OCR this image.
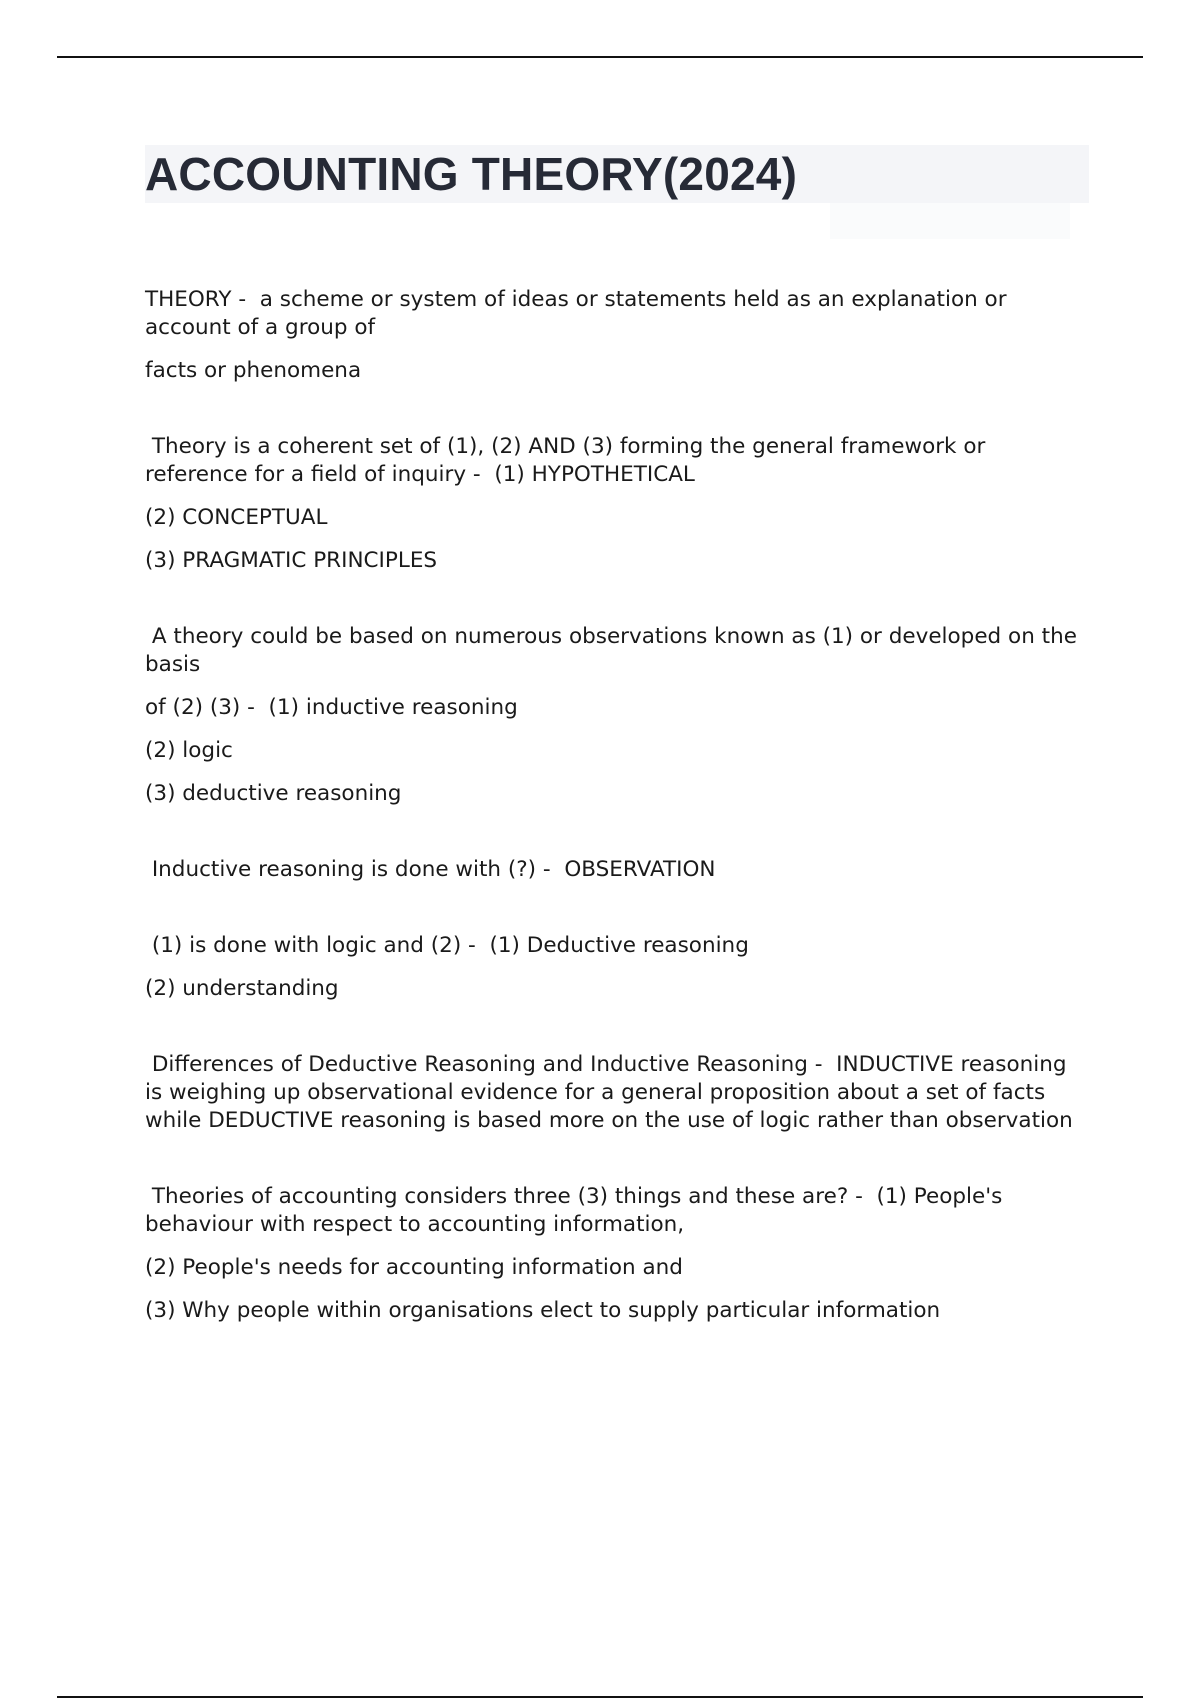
ACCOUNTING THEORY(2024)

THEORY -  a scheme or system of ideas or statements held as an explanation or account of a group of

facts or phenomena

Theory is a coherent set of (1), (2) AND (3) forming the general framework or reference for a field of inquiry -  (1) HYPOTHETICAL

(2) CONCEPTUAL

(3) PRAGMATIC PRINCIPLES

A theory could be based on numerous observations known as (1) or developed on the basis

of (2) (3) -  (1) inductive reasoning

(2) logic

(3) deductive reasoning

Inductive reasoning is done with (?) -  OBSERVATION

(1) is done with logic and (2) -  (1) Deductive reasoning

(2) understanding

Differences of Deductive Reasoning and Inductive Reasoning -  INDUCTIVE reasoning is weighing up observational evidence for a general proposition about a set of facts while DEDUCTIVE reasoning is based more on the use of logic rather than observation

Theories of accounting considers three (3) things and these are? -  (1) People's behaviour with respect to accounting information,

(2) People's needs for accounting information and

(3) Why people within organisations elect to supply particular information
